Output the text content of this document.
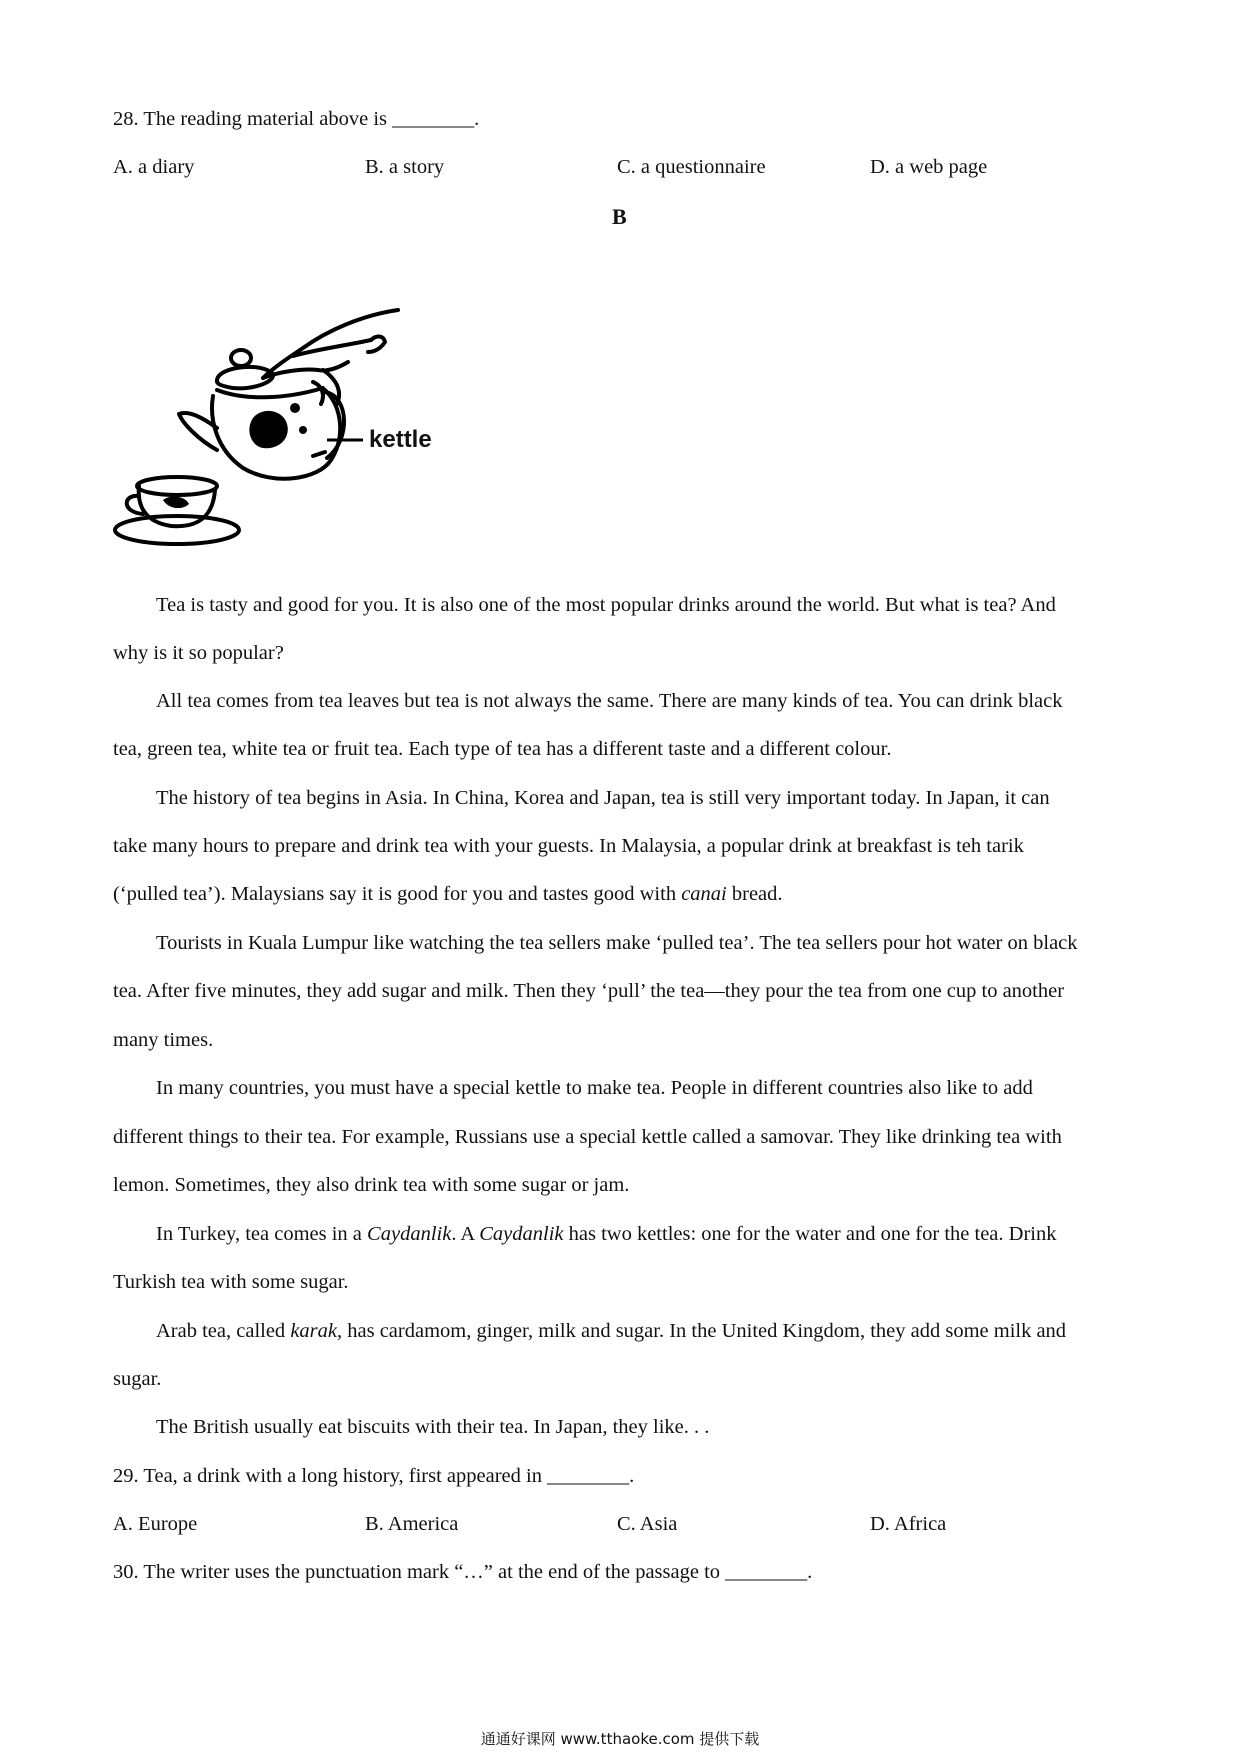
28. The reading material above is ________.
A. a diary	B. a story	C. a questionnaire	D. a web page
B
kettle
Tea is tasty and good for you. It is also one of the most popular drinks around the world. But what is tea? And
why is it so popular?
All tea comes from tea leaves but tea is not always the same. There are many kinds of tea. You can drink black
tea, green tea, white tea or fruit tea. Each type of tea has a different taste and a different colour.
The history of tea begins in Asia. In China, Korea and Japan, tea is still very important today. In Japan, it can
take many hours to prepare and drink tea with your guests. In Malaysia, a popular drink at breakfast is teh tarik
(‘pulled tea’). Malaysians say it is good for you and tastes good with canai bread.
Tourists in Kuala Lumpur like watching the tea sellers make ‘pulled tea’. The tea sellers pour hot water on black
tea. After five minutes, they add sugar and milk. Then they ‘pull’ the tea—they pour the tea from one cup to another
many times.
In many countries, you must have a special kettle to make tea. People in different countries also like to add
different things to their tea. For example, Russians use a special kettle called a samovar. They like drinking tea with
lemon. Sometimes, they also drink tea with some sugar or jam.
In Turkey, tea comes in a Caydanlik. A Caydanlik has two kettles: one for the water and one for the tea. Drink
Turkish tea with some sugar.
Arab tea, called karak, has cardamom, ginger, milk and sugar. In the United Kingdom, they add some milk and
sugar.
The British usually eat biscuits with their tea. In Japan, they like. . .
29. Tea, a drink with a long history, first appeared in ________.
A. Europe	B. America	C. Asia	D. Africa
30. The writer uses the punctuation mark “…” at the end of the passage to ________.
通通好课网 www.tthaoke.com 提供下载
